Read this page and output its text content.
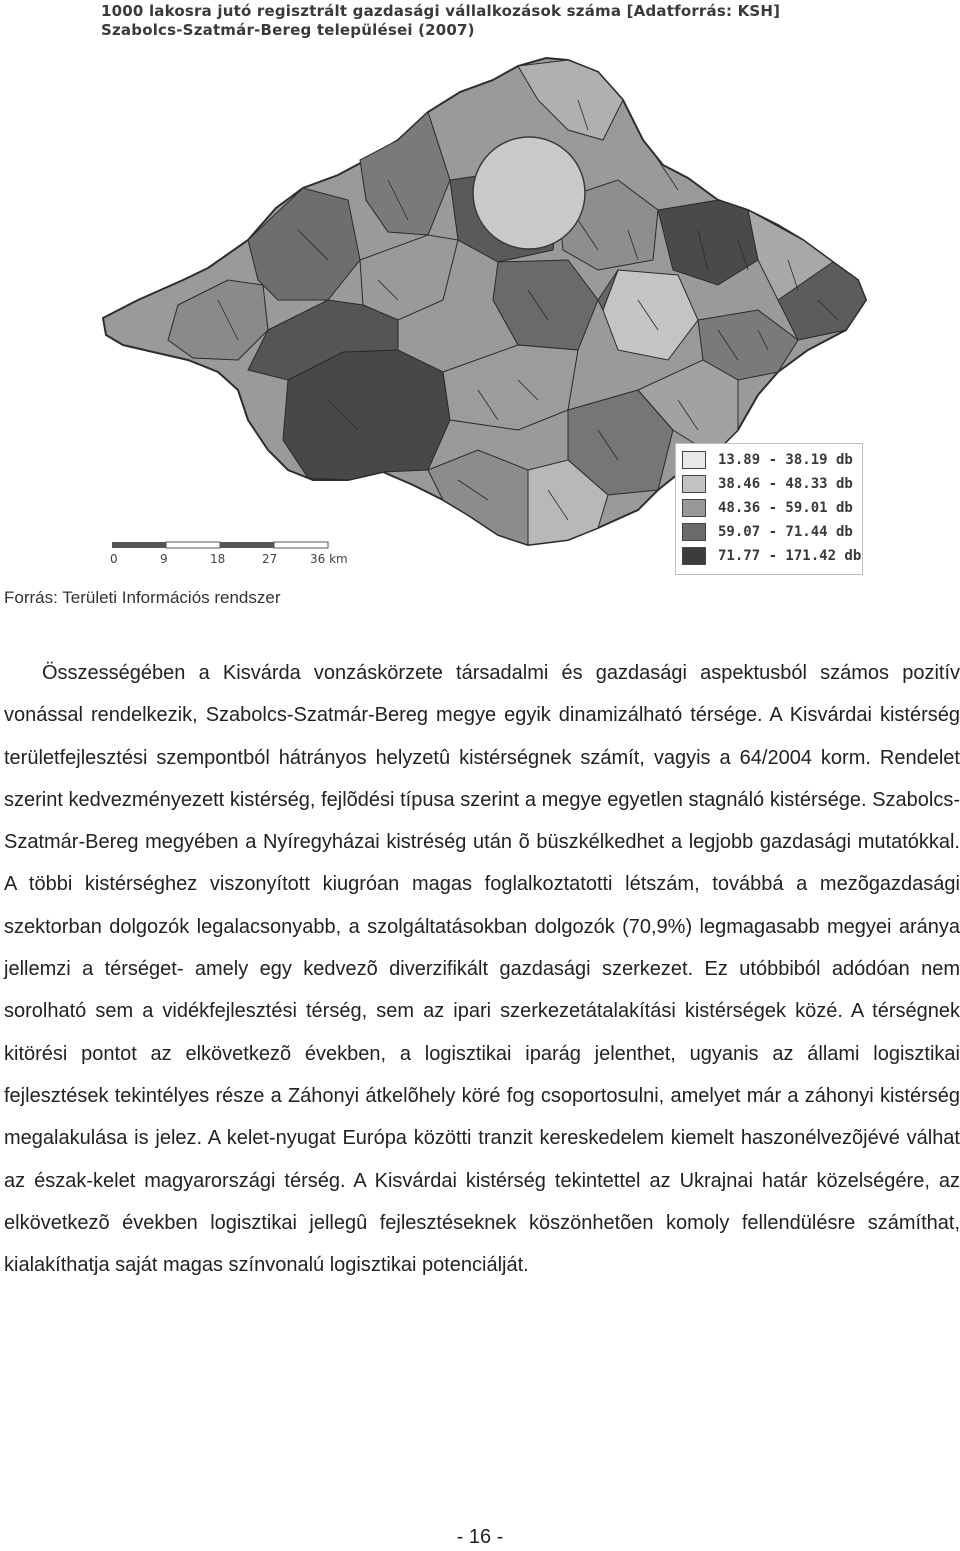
1000 lakosra jutó regisztrált gazdasági vállalkozások száma [Adatforrás: KSH]
Szabolcs-Szatmár-Bereg települései (2007)
0	9	18	27	36 km
13.89 - 38.19 db
38.46 - 48.33 db
48.36 - 59.01 db
59.07 - 71.44 db
71.77 - 171.42 db
Forrás: Területi Információs rendszer

Összességében a Kisvárda vonzáskörzete társadalmi és gazdasági aspektusból számos pozitív vonással rendelkezik, Szabolcs-Szatmár-Bereg megye egyik dinamizálható térsége. A Kisvárdai kistérség területfejlesztési szempontból hátrányos helyzetû kistérségnek számít, vagyis a 64/2004 korm. Rendelet szerint kedvezményezett kistérség, fejlõdési típusa szerint a megye egyetlen stagnáló kistérsége. Szabolcs-Szatmár-Bereg megyében a Nyíregyházai kistréség után õ büszkélkedhet a legjobb gazdasági mutatókkal. A többi kistérséghez viszonyított kiugróan magas foglalkoztatotti létszám, továbbá a mezõgazdasági szektorban dolgozók legalacsonyabb, a szolgáltatásokban dolgozók (70,9%) legmagasabb megyei aránya jellemzi a térséget- amely egy kedvezõ diverzifikált gazdasági szerkezet. Ez utóbbiból adódóan nem sorolható sem a vidékfejlesztési térség, sem az ipari szerkezetátalakítási kistérségek közé. A térségnek kitörési pontot az elkövetkezõ években, a logisztikai iparág jelenthet, ugyanis az állami logisztikai fejlesztések tekintélyes része a Záhonyi átkelõhely köré fog csoportosulni, amelyet már a záhonyi kistérség megalakulása is jelez. A kelet-nyugat Európa közötti tranzit kereskedelem kiemelt haszonélvezõjévé válhat az észak-kelet magyarországi térség. A Kisvárdai kistérség tekintettel az Ukrajnai határ közelségére, az elkövetkezõ években logisztikai jellegû fejlesztéseknek köszönhetõen komoly fellendülésre számíthat, kialakíthatja saját magas színvonalú logisztikai potenciálját.

- 16 -
